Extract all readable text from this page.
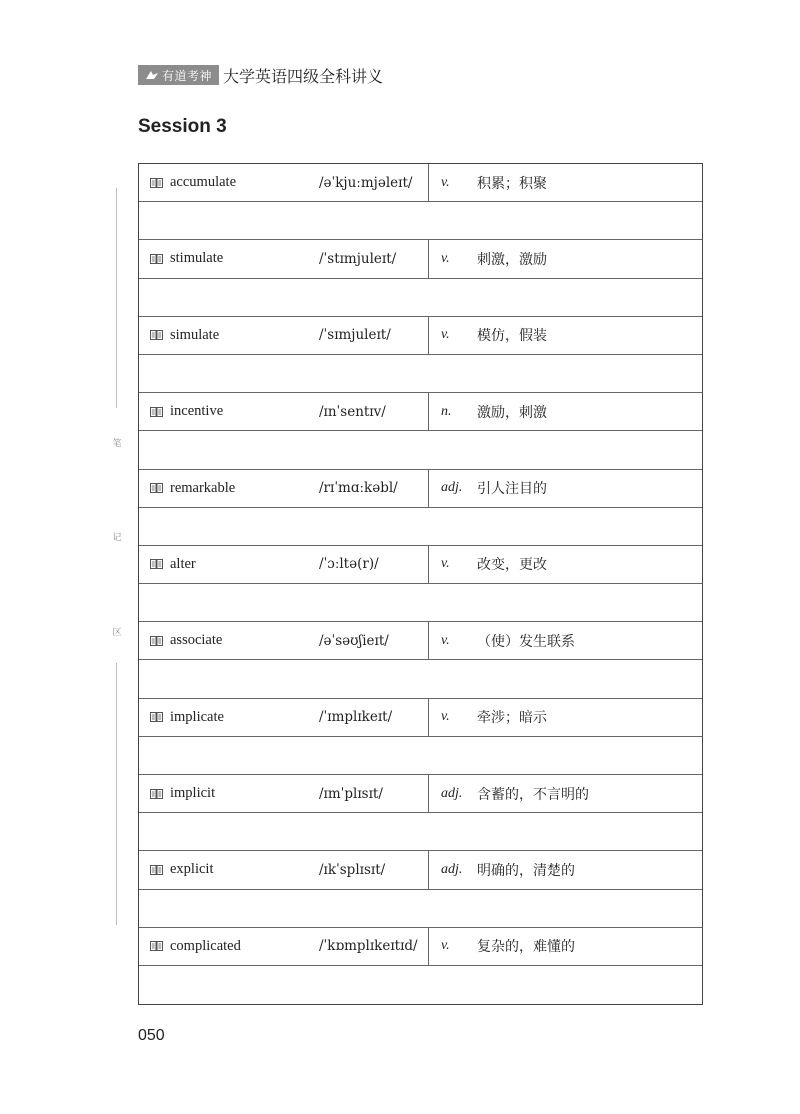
有道考神 大学英语四级全科讲义
Session 3
笔
记
区
accumulate	/əˈkjuːmjəleɪt/	v.	积累；积聚
stimulate	/ˈstɪmjuleɪt/	v.	刺激，激励
simulate	/ˈsɪmjuleɪt/	v.	模仿，假装
incentive	/ɪnˈsentɪv/	n.	激励，刺激
remarkable	/rɪˈmɑːkəbl/	adj.	引人注目的
alter	/ˈɔːltə(r)/	v.	改变，更改
associate	/əˈsəʊʃieɪt/	v.	（使）发生联系
implicate	/ˈɪmplɪkeɪt/	v.	牵涉；暗示
implicit	/ɪmˈplɪsɪt/	adj.	含蓄的，不言明的
explicit	/ɪkˈsplɪsɪt/	adj.	明确的，清楚的
complicated	/ˈkɒmplɪkeɪtɪd/	v.	复杂的，难懂的
050
